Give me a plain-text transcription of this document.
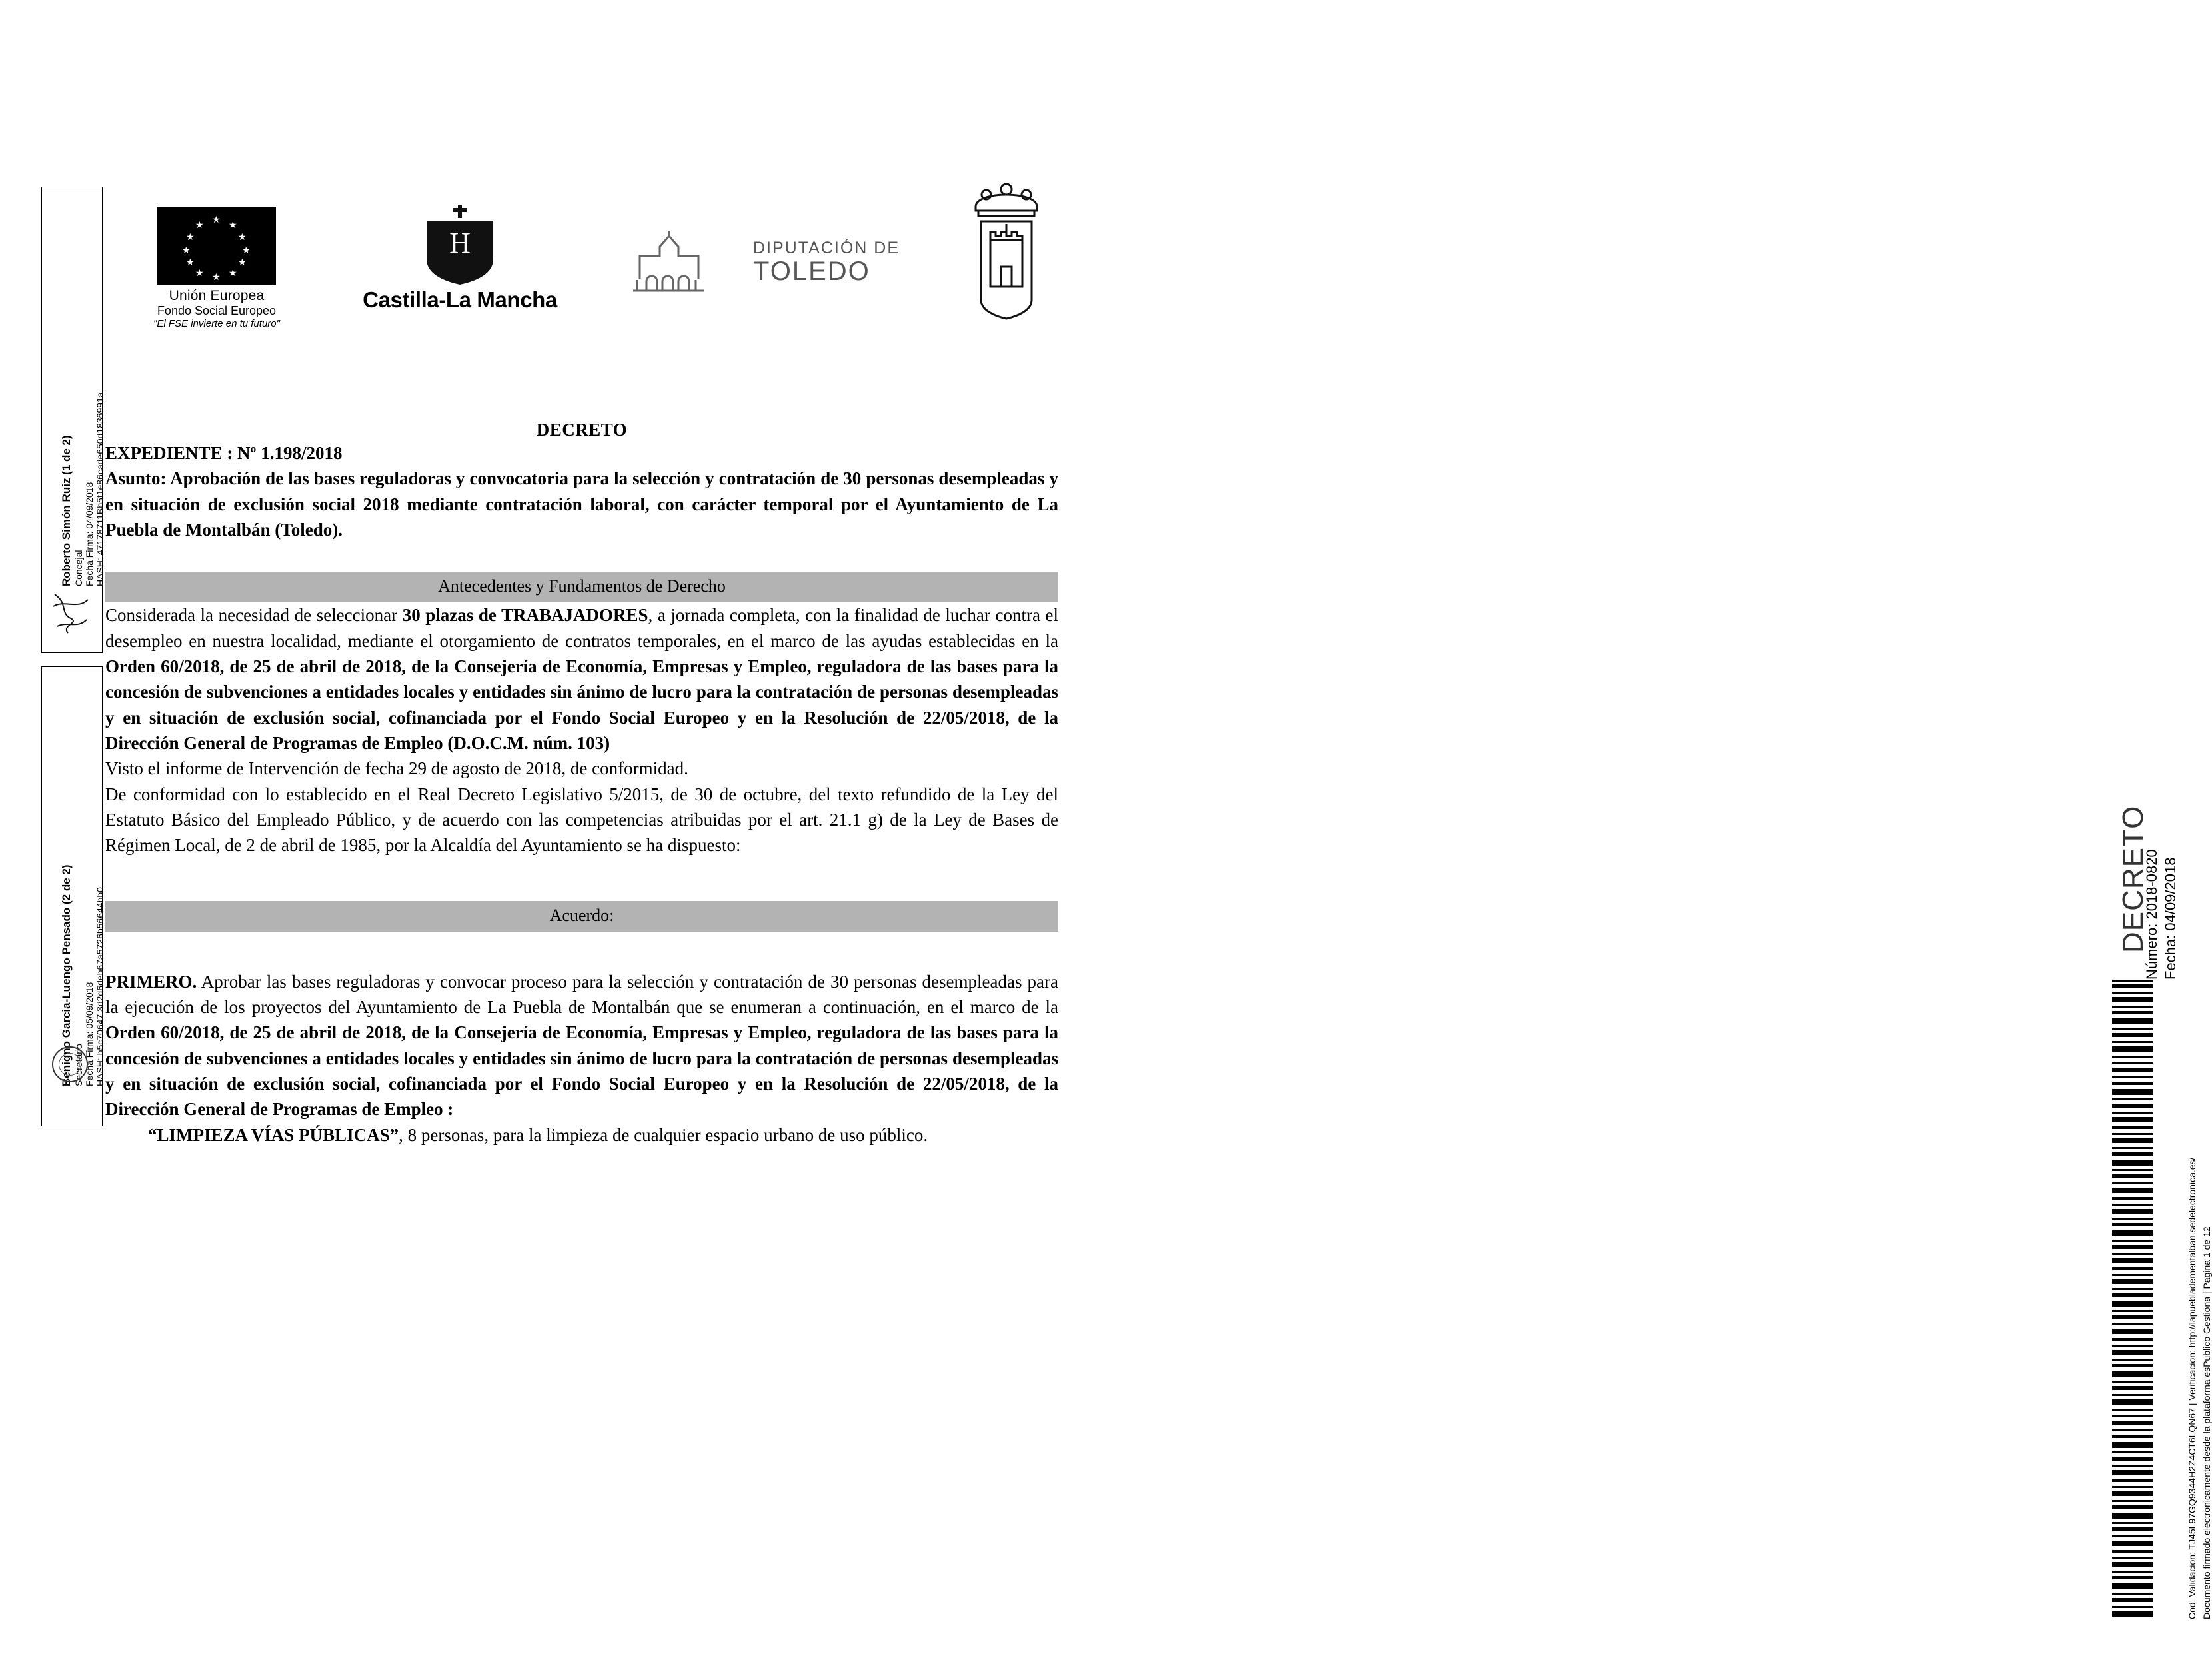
Roberto Simón Ruiz (1 de 2) Concejal Fecha Firma: 04/09/2018 HASH: 47178711Bb5f1e86cade650d1836991a
Benigno Garcia-Luengo Pensado (2 de 2) Secretario Fecha Firma: 05/09/2018 HASH: b5c70647 3d2d6deb67a5726b56644bb0
★
★	★
★	★
★	★
★	★
★	★
★
Unión Europea
Fondo Social Europeo
"El FSE invierte en tu futuro"
H
Castilla-La Mancha
DIPUTACIÓN DE
TOLEDO
DECRETO

EXPEDIENTE : Nº 1.198/2018

Asunto: Aprobación de las bases reguladoras y convocatoria para la selección y contratación de 30 personas desempleadas y en situación de exclusión social 2018 mediante contratación laboral, con carácter temporal por el Ayuntamiento de La Puebla de Montalbán (Toledo).

Antecedentes y Fundamentos de Derecho

Considerada la necesidad de seleccionar 30 plazas de TRABAJADORES, a jornada completa, con la finalidad de luchar contra el desempleo en nuestra localidad, mediante el otorgamiento de contratos temporales, en el marco de las ayudas establecidas en la Orden 60/2018, de 25 de abril de 2018, de la Consejería de Economía, Empresas y Empleo, reguladora de las bases para la concesión de subvenciones a entidades locales y entidades sin ánimo de lucro para la contratación de personas desempleadas y en situación de exclusión social, cofinanciada por el Fondo Social Europeo y en la Resolución de 22/05/2018, de la Dirección General de Programas de Empleo (D.O.C.M. núm. 103)

Visto el informe de Intervención de fecha 29 de agosto de 2018, de conformidad.

De conformidad con lo establecido en el Real Decreto Legislativo 5/2015, de 30 de octubre, del texto refundido de la Ley del Estatuto Básico del Empleado Público, y de acuerdo con las competencias atribuidas por el art. 21.1 g) de la Ley de Bases de Régimen Local, de 2 de abril de 1985, por la Alcaldía del Ayuntamiento se ha dispuesto:

Acuerdo:

PRIMERO. Aprobar las bases reguladoras y convocar proceso para la selección y contratación de 30 personas desempleadas para la ejecución de los proyectos del Ayuntamiento de La Puebla de Montalbán que se enumeran a continuación, en el marco de la Orden 60/2018, de 25 de abril de 2018, de la Consejería de Economía, Empresas y Empleo, reguladora de las bases para la concesión de subvenciones a entidades locales y entidades sin ánimo de lucro para la contratación de personas desempleadas y en situación de exclusión social, cofinanciada por el Fondo Social Europeo y en la Resolución de 22/05/2018, de la Dirección General de Programas de Empleo :

“LIMPIEZA VÍAS PÚBLICAS”, 8 personas, para la limpieza de cualquier espacio urbano de uso público.

DECRETO
Número: 2018-0820 Fecha: 04/09/2018
Cod. Validacion: TJ45L97GQ9344H2Z4CT6LQN67 | Verificacion: http://lapuebladementalban.sedelectronica.es/ Documento firmado electronicamente desde la plataforma esPublico Gestiona | Pagina 1 de 12
